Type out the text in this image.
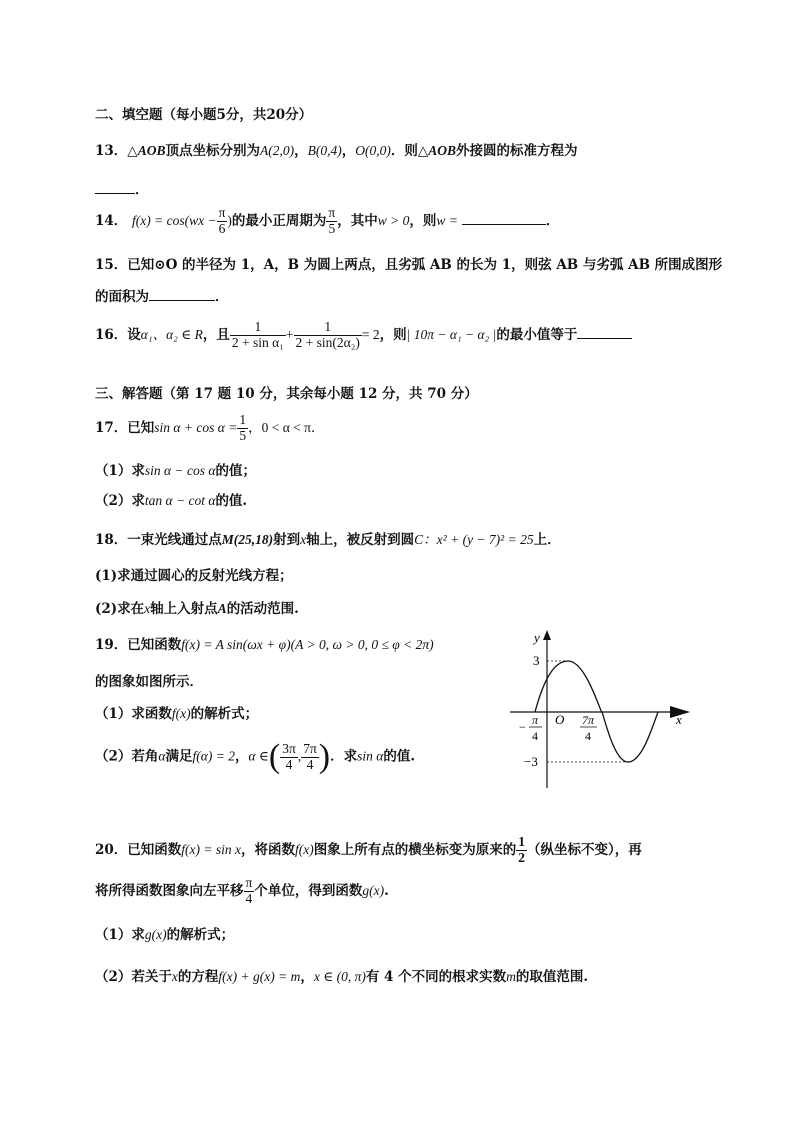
二、填空题（每小题5分，共20分）
13．△AOB顶点坐标分别为A(2,0)，B(0,4)，O(0,0)．则△AOB外接圆的标准方程为
．
14． $f(x) = \cos(wx - \frac{\pi}{6}$ )的最小正周期为 $\frac{\pi}{5}$ ，其中w > 0，则w =	．
15．已知⊙O 的半径为 1，A，B 为圆上两点，且劣弧 AB 的长为 1，则弦 AB 与劣弧 AB 所围成图形
的面积为	．
16．设α₁、α₂ ∈ R，且 $\frac{1}{\text{2 + sin α₁}} + \frac{1}{\text{2 + sin(2α₂)}} = 2$，则| 10π − α₁ − α₂ |的最小值等于
三、解答题（第 17 题 10 分，其余每小题 12 分，共 70 分）
17．已知$\sin \alpha + \cos \alpha = \frac{1}{5}$ ，0 < α < π．
（1）求sin α − cos α的值；
（2）求tan α − cot α的值.
18．一束光线通过点M(25,18)射到x轴上，被反射到圆C：x² + (y − 7)² = 25上．
(1)求通过圆心的反射光线方程；
(2)求在x轴上入射点A的活动范围.
19．已知函数f(x) = A sin(ωx + φ)(A > 0, ω > 0, 0 ≤ φ < 2π)
的图象如图所示．
（1）求函数f(x)的解析式；
（2）若角α满足f(α) = 2，α ∈( $\frac{3\pi}{4}$ , $\frac{7\pi}{4}$ )．求sin α的值.
y
x
O
3
−3
− π
4
7π
4
20．已知函数f(x) = sin x，将函数f(x)图象上所有点的横坐标变为原来的 $\frac{1}{2}$ （纵坐标不变），再
将所得函数图象向左平移 $\frac{\pi}{4}$ 个单位，得到函数g(x).
（1）求g(x)的解析式；
（2）若关于x的方程f(x) + g(x) = m，x ∈ (0, π)有 4 个不同的根求实数m的取值范围.
